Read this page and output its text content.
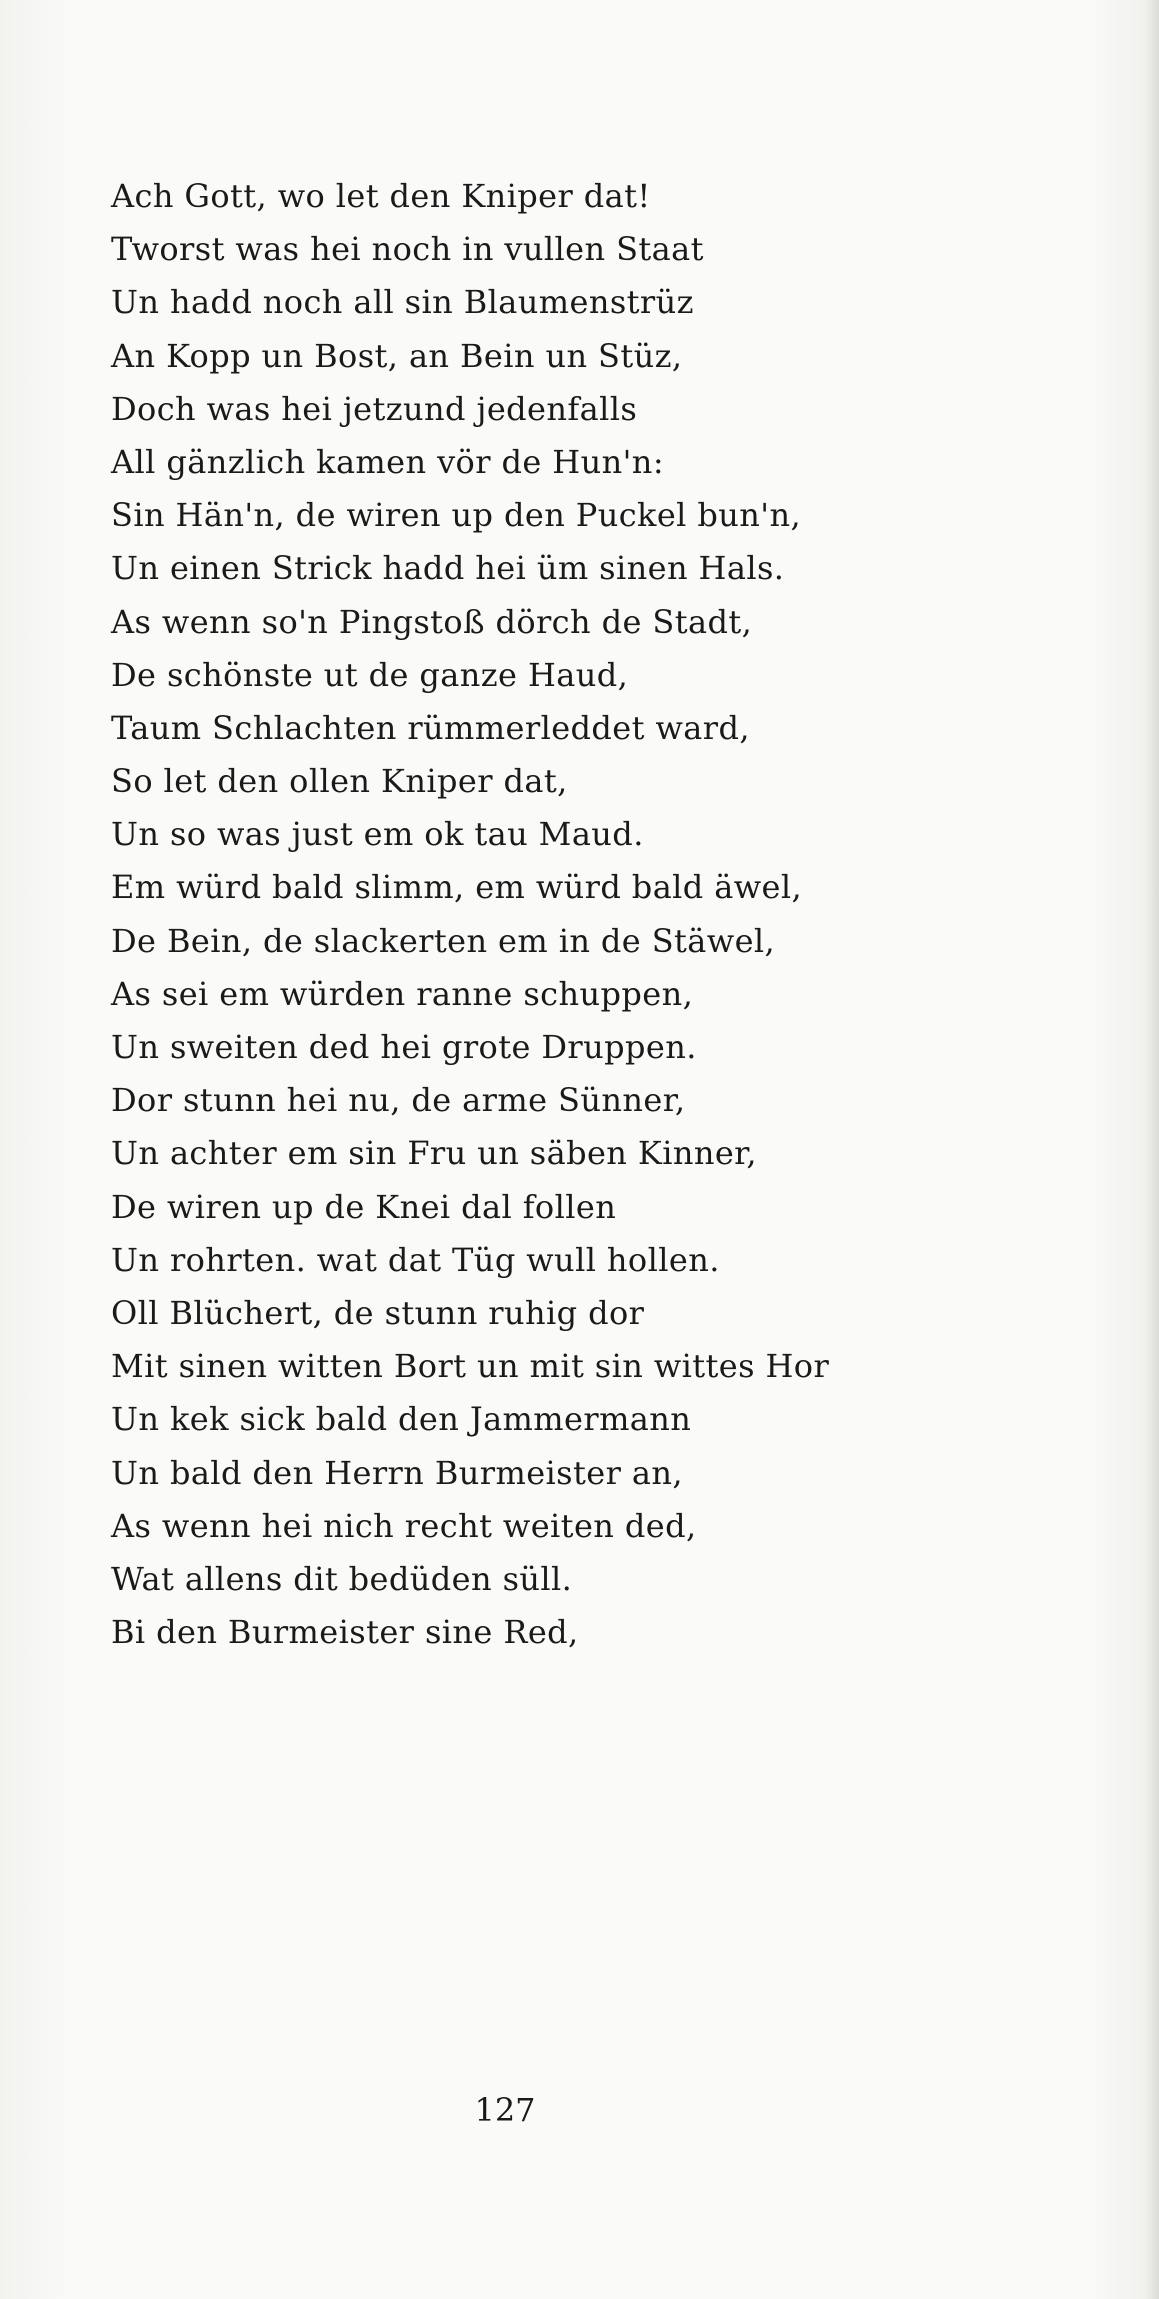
Ach Gott, wo let den Kniper dat!
Tworst was hei noch in vullen Staat
Un hadd noch all sin Blaumenstrüz
An Kopp un Bost, an Bein un Stüz,
Doch was hei jetzund jedenfalls
All gänzlich kamen vör de Hun'n:
Sin Hän'n, de wiren up den Puckel bun'n,
Un einen Strick hadd hei üm sinen Hals.
As wenn so'n Pingstoß dörch de Stadt,
De schönste ut de ganze Haud,
Taum Schlachten rümmerleddet ward,
So let den ollen Kniper dat,
Un so was just em ok tau Maud.
Em würd bald slimm, em würd bald äwel,
De Bein, de slackerten em in de Stäwel,
As sei em würden ranne schuppen,
Un sweiten ded hei grote Druppen.
Dor stunn hei nu, de arme Sünner,
Un achter em sin Fru un säben Kinner,
De wiren up de Knei dal follen
Un rohrten. wat dat Tüg wull hollen.
Oll Blüchert, de stunn ruhig dor
Mit sinen witten Bort un mit sin wittes Hor
Un kek sick bald den Jammermann
Un bald den Herrn Burmeister an,
As wenn hei nich recht weiten ded,
Wat allens dit bedüden süll.
Bi den Burmeister sine Red,
127
